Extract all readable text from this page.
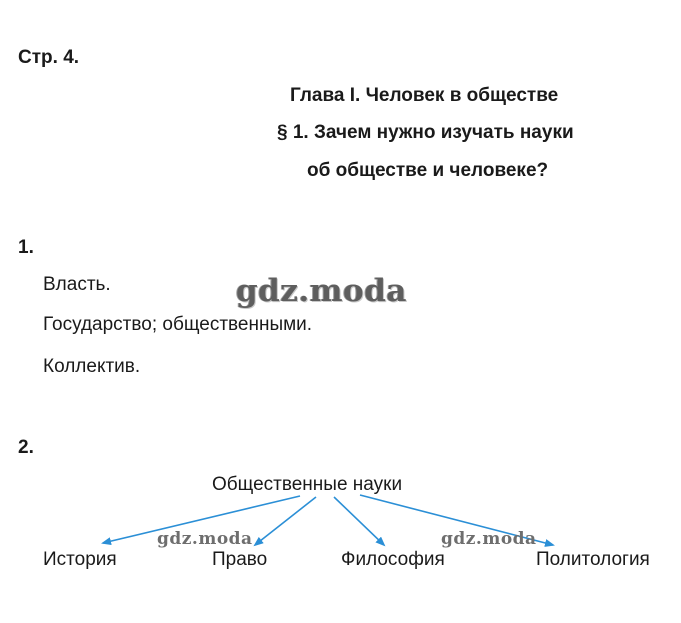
Стр. 4.
Глава I. Человек в обществе
§ 1. Зачем нужно изучать науки
об обществе и человеке?
1.
Власть.
Государство; общественными.
Коллектив.
gdz.moda
2.
Общественные науки
История	Право	Философия	Политология
gdz.moda	gdz.moda
